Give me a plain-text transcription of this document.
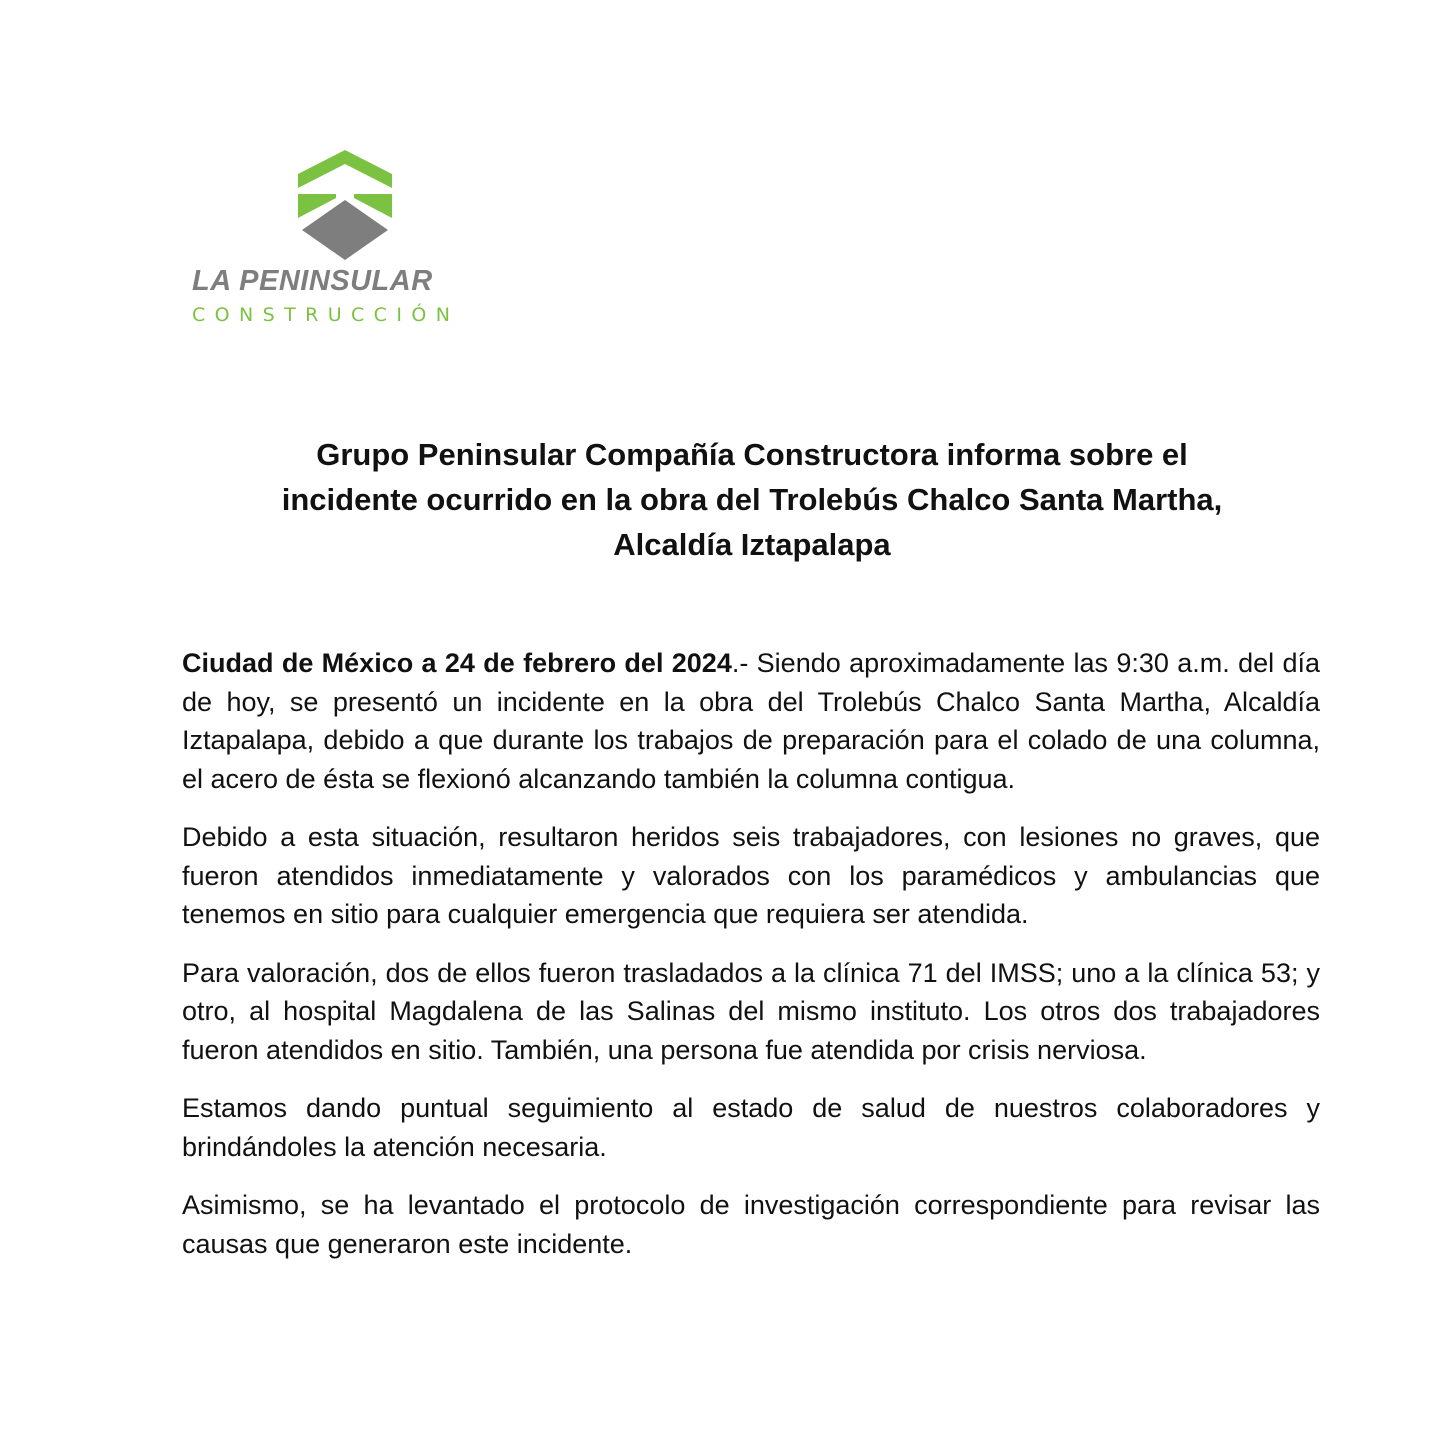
LA PENINSULAR
CONSTRUCCIÓN
Grupo Peninsular Compañía Constructora informa sobre el
incidente ocurrido en la obra del Trolebús Chalco Santa Martha,
Alcaldía Iztapalapa

Ciudad de México a 24 de febrero del 2024.- Siendo aproximadamente las 9:30 a.m. del día de hoy, se presentó un incidente en la obra del Trolebús Chalco Santa Martha, Alcaldía Iztapalapa, debido a que durante los trabajos de preparación para el colado de una columna, el acero de ésta se flexionó alcanzando también la columna contigua.

Debido a esta situación, resultaron heridos seis trabajadores, con lesiones no graves, que fueron atendidos inmediatamente y valorados con los paramédicos y ambulancias que tenemos en sitio para cualquier emergencia que requiera ser atendida.

Para valoración, dos de ellos fueron trasladados a la clínica 71 del IMSS; uno a la clínica 53; y otro, al hospital Magdalena de las Salinas del mismo instituto. Los otros dos trabajadores fueron atendidos en sitio. También, una persona fue atendida por crisis nerviosa.

Estamos dando puntual seguimiento al estado de salud de nuestros colaboradores y brindándoles la atención necesaria.

Asimismo, se ha levantado el protocolo de investigación correspondiente para revisar las causas que generaron este incidente.
